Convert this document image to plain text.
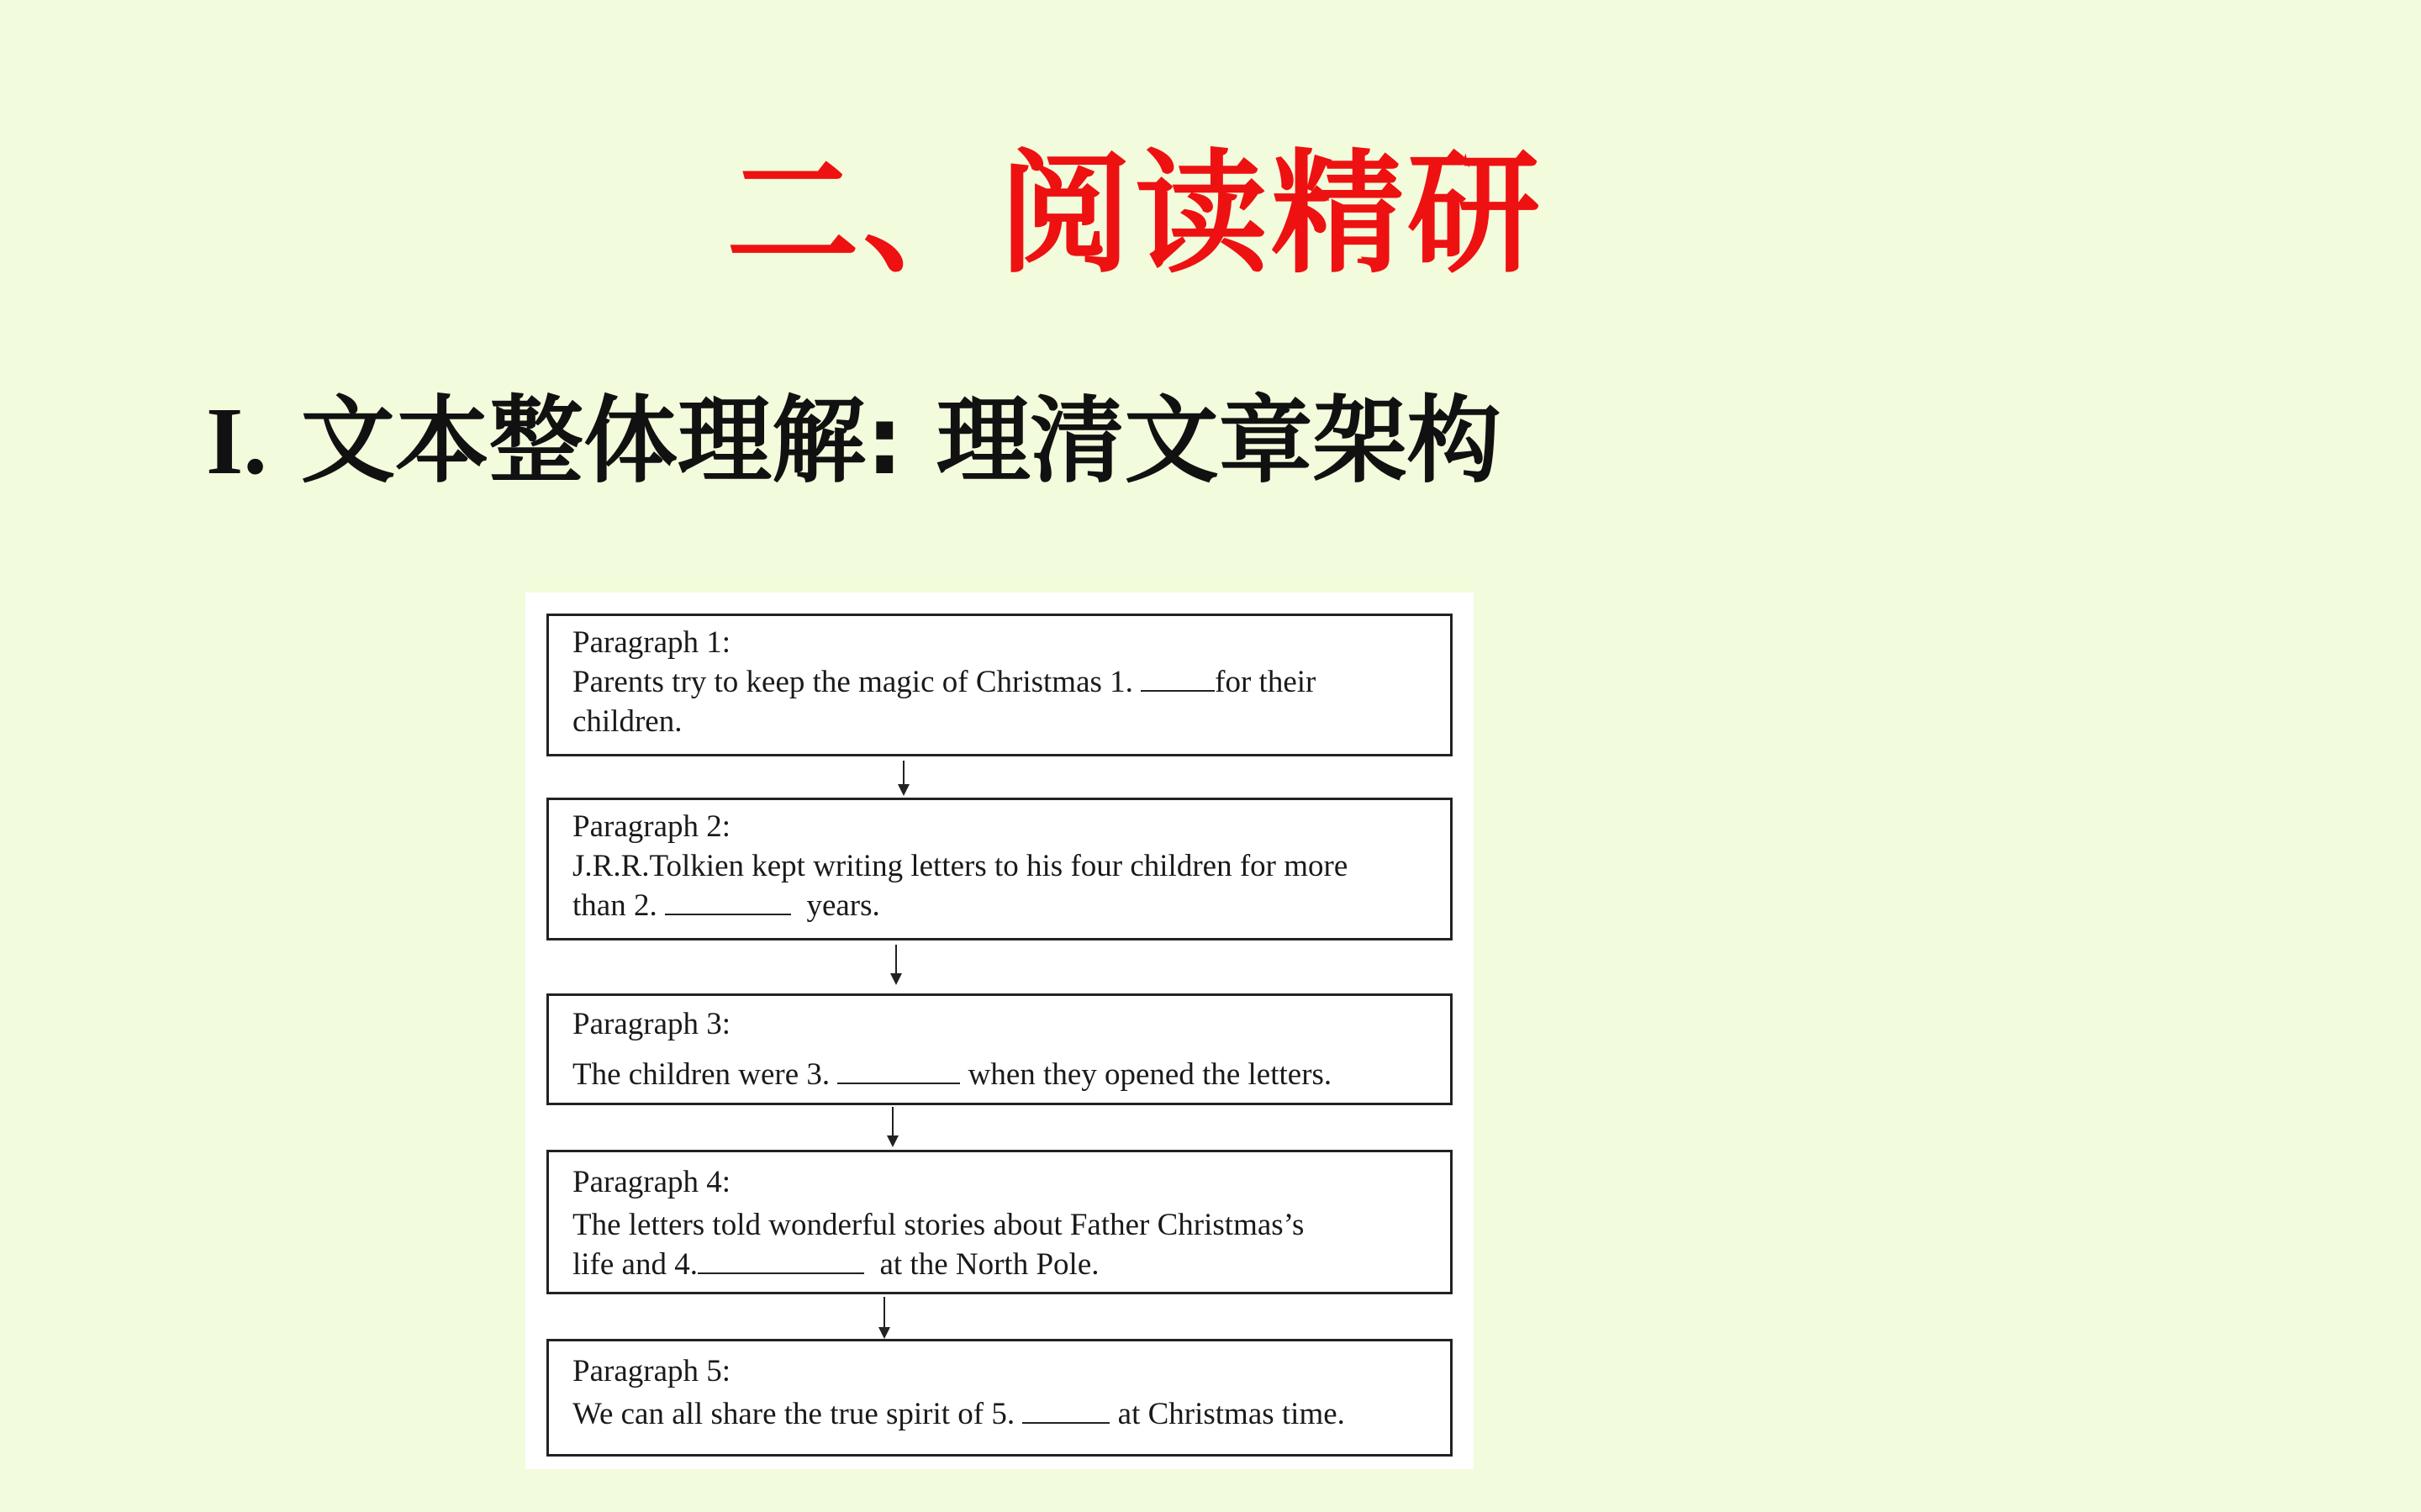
二、阅读精研
I. 文本整体理解: 理清文章架构
Paragraph 1:
Parents try to keep the magic of Christmas 1.	for their
children.
Paragraph 2:
J.R.R.Tolkien kept writing letters to his four children for more
than 2.	years.
Paragraph 3:
The children were 3.	when they opened the letters.
Paragraph 4:
The letters told wonderful stories about Father Christmas’s
life and 4.	at the North Pole.
Paragraph 5:
We can all share the true spirit of 5.	at Christmas time.
